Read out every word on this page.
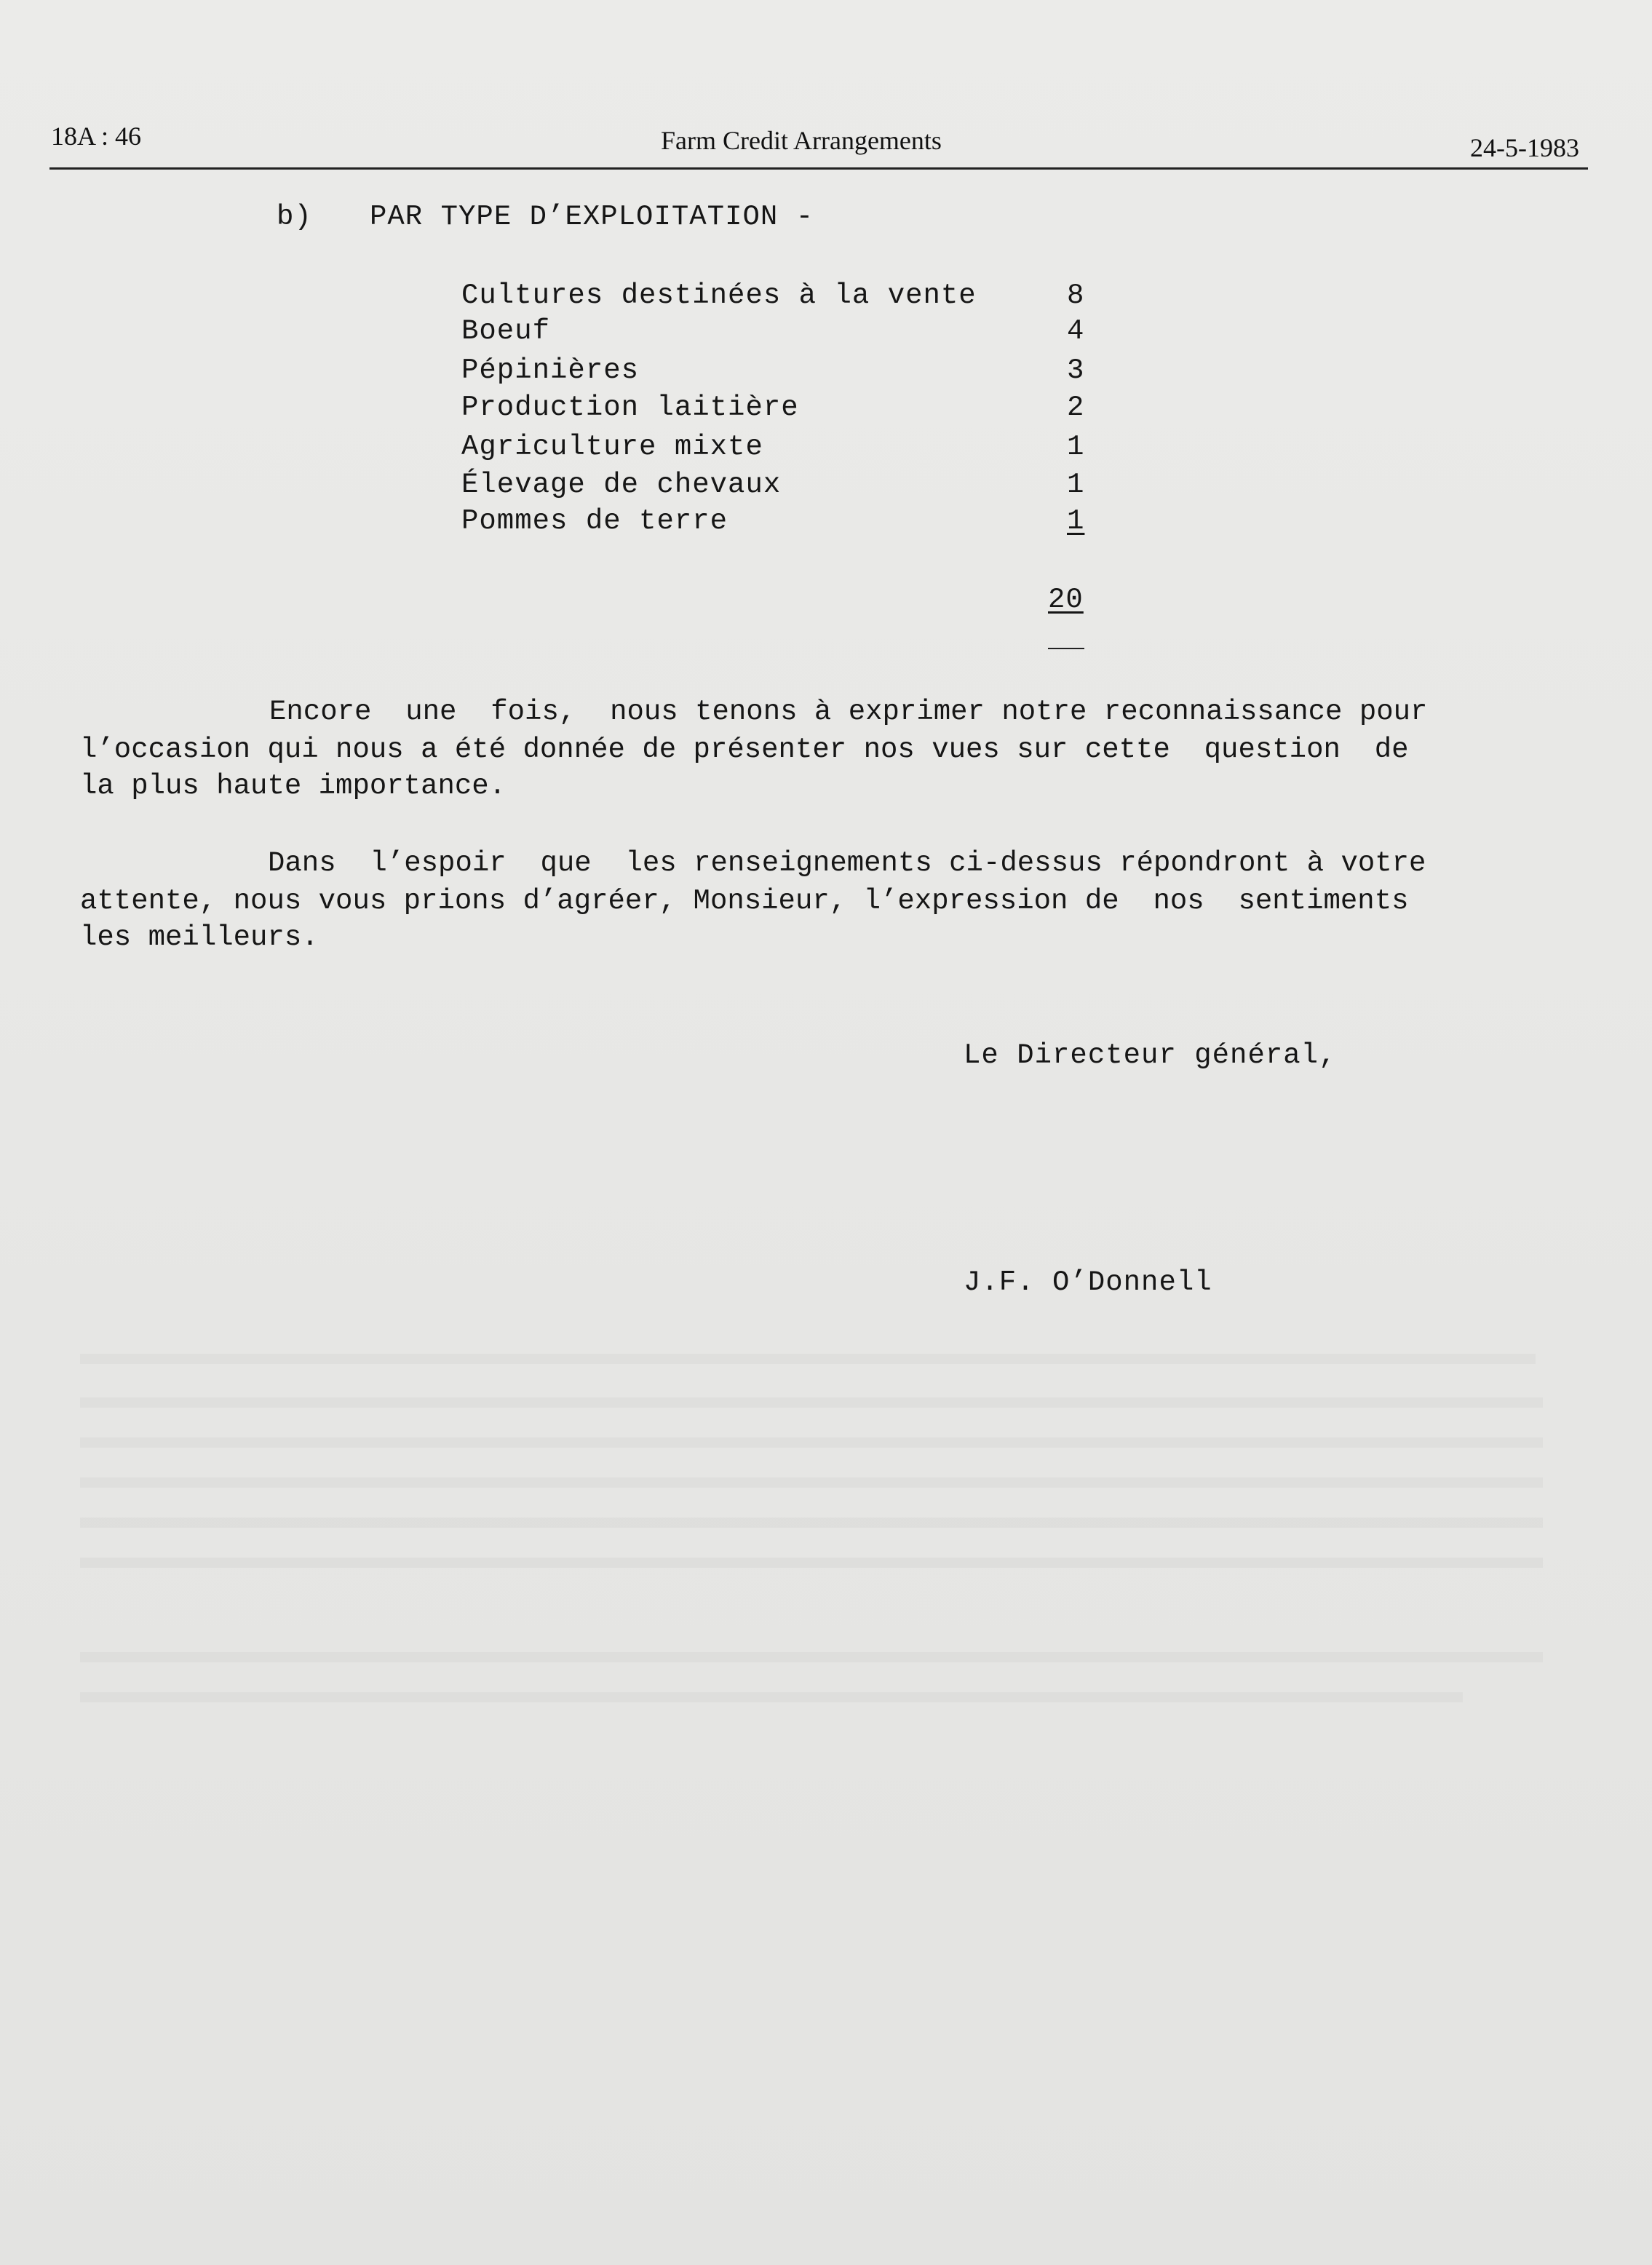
18A : 46	Farm Credit Arrangements	24-5-1983
b) PAR TYPE D’EXPLOITATION -
Cultures destinées à la vente	8
Boeuf	4
Pépinières	3
Production laitière	2
Agriculture mixte	1
Élevage de chevaux	1
Pommes de terre	1
20
Encore  une  fois,  nous tenons à exprimer notre reconnaissance pour
l’occasion qui nous a été donnée de présenter nos vues sur cette  question  de
la plus haute importance.
Dans  l’espoir  que  les renseignements ci-dessus répondront à votre
attente, nous vous prions d’agréer, Monsieur, l’expression de  nos  sentiments
les meilleurs.
Le Directeur général,
J.F. O’Donnell
